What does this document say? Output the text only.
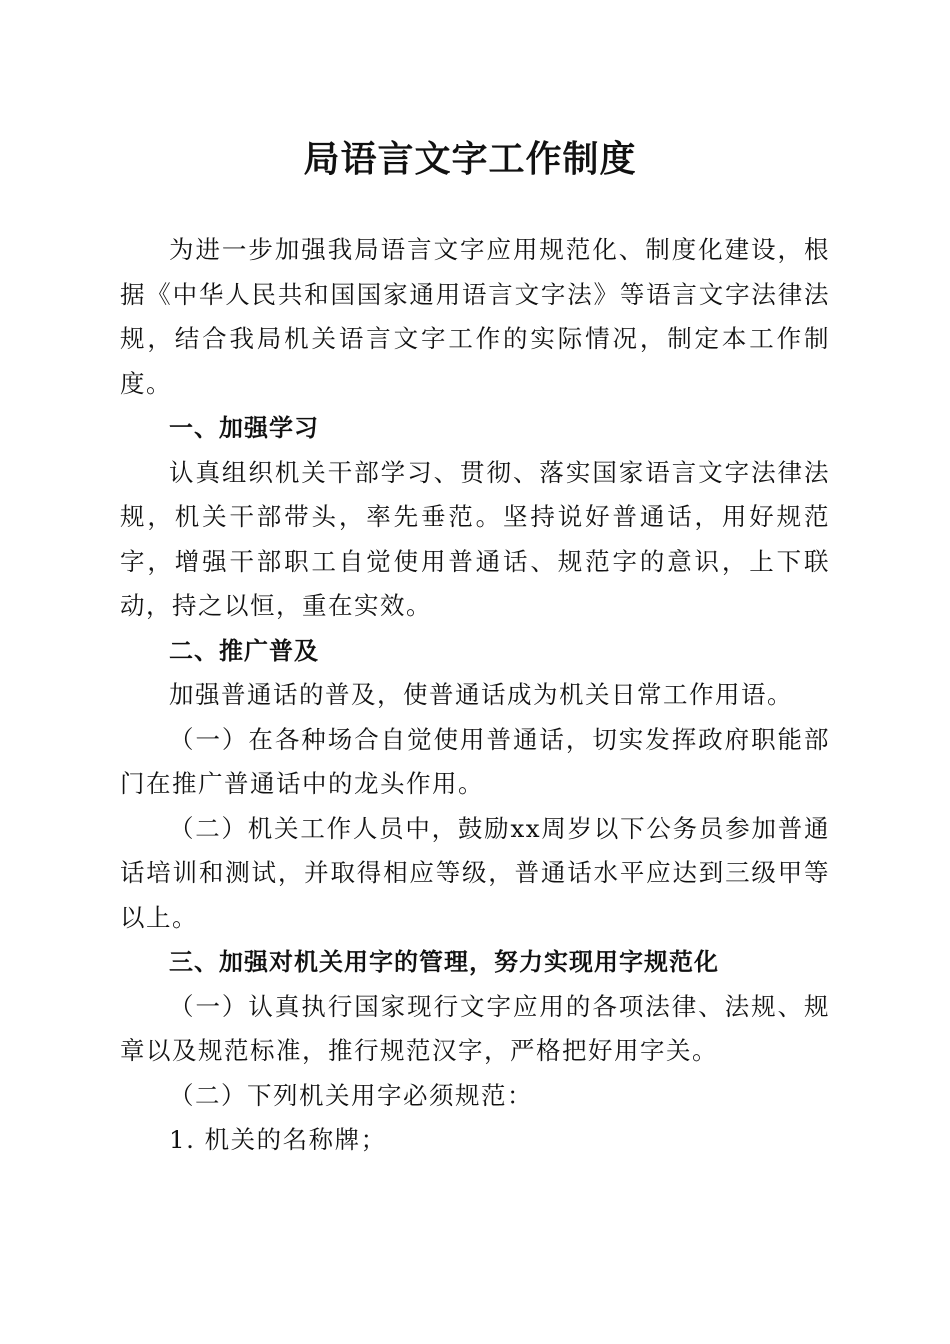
局语言文字工作制度

为进一步加强我局语言文字应用规范化、制度化建设，根据《中华人民共和国国家通用语言文字法》等语言文字法律法规，结合我局机关语言文字工作的实际情况，制定本工作制度。

一、加强学习

认真组织机关干部学习、贯彻、落实国家语言文字法律法规，机关干部带头，率先垂范。坚持说好普通话，用好规范字，增强干部职工自觉使用普通话、规范字的意识，上下联动，持之以恒，重在实效。

二、推广普及

加强普通话的普及，使普通话成为机关日常工作用语。

（一）在各种场合自觉使用普通话，切实发挥政府职能部门在推广普通话中的龙头作用。

（二）机关工作人员中，鼓励xx周岁以下公务员参加普通话培训和测试，并取得相应等级，普通话水平应达到三级甲等以上。

三、加强对机关用字的管理，努力实现用字规范化

（一）认真执行国家现行文字应用的各项法律、法规、规章以及规范标准，推行规范汉字，严格把好用字关。

（二）下列机关用字必须规范：

1. 机关的名称牌；
